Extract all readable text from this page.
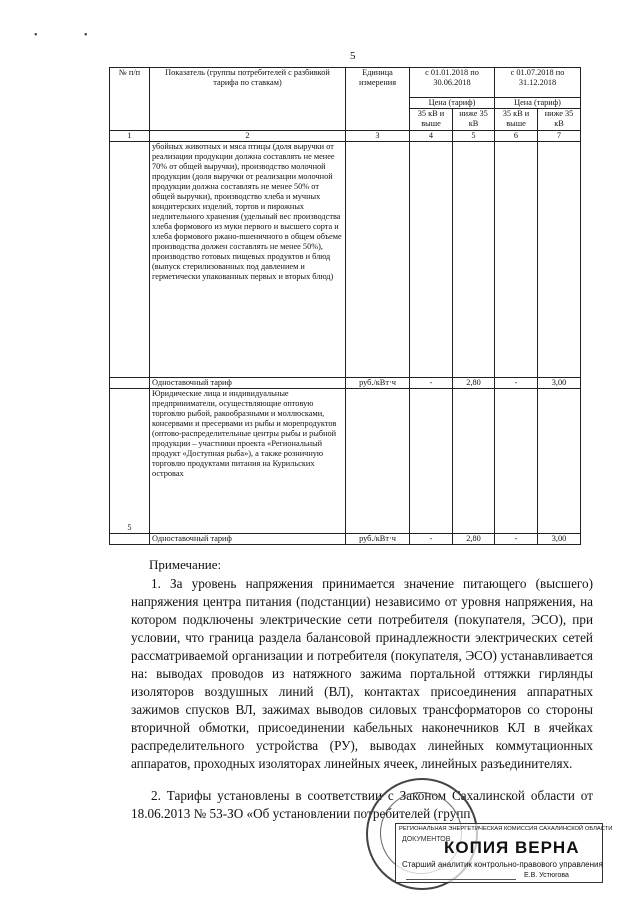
• •
5
№ п/п	Показатель (группы потребителей с разбивкой тарифа по ставкам)	Единица измерения	с 01.01.2018 по 30.06.2018		с 01.07.2018 по 31.12.2018	
			Цена (тариф)		Цена (тариф)	
			35 кВ и выше	ниже 35 кВ	35 кВ и выше	ниже 35 кВ
1	2	3	4	5	6	7
	убойных животных и мяса птицы (доля выручки от реализации продукции должна составлять не менее 70% от общей выручки), производство молочной продукции (доля выручки от реализации молочной продукции должна составлять не менее 50% от общей выручки), производство хлеба и мучных кондитерских изделий, тортов и пирожных недлительного хранения (удельный вес производства хлеба формового из муки первого и высшего сорта и хлеба формового ржано-пшеничного в общем объеме производства должен составлять не менее 50%), производство готовых пищевых продуктов и блюд (выпуск стерилизованных под давлением и герметически упакованных первых и вторых блюд)					
	Одноставочный тариф	руб./кВт·ч	-	2,80	-	3,00
5	Юридические лица и индивидуальные предприниматели, осуществляющие оптовую торговлю рыбой, ракообразными и моллюсками, консервами и пресервами из рыбы и морепродуктов (оптово-распределительные центры рыбы и рыбной продукции – участники проекта «Региональный продукт «Доступная рыба»), а также розничную торговлю продуктами питания на Курильских островах					
	Одноставочный тариф	руб./кВт·ч	-	2,80	-	3,00
Примечание:
1. За уровень напряжения принимается значение питающего (высшего) напряжения центра питания (подстанции) независимо от уровня напряжения, на котором подключены электрические сети потребителя (покупателя, ЭСО), при условии, что граница раздела балансовой принадлежности электрических сетей рассматриваемой организации и потребителя (покупателя, ЭСО) устанавливается на: выводах проводов из натяжного зажима портальной оттяжки гирлянды изоляторов воздушных линий (ВЛ), контактах присоединения аппаратных зажимов спусков ВЛ, зажимах выводов силовых трансформаторов со стороны вторичной обмотки, присоединении кабельных наконечников КЛ в ячейках распределительного устройства (РУ), выводах линейных коммутационных аппаратов, проходных изоляторах линейных ячеек, линейных разъединителях.
2. Тарифы установлены в соответствии с Законом Сахалинской области от 18.06.2013 № 53-ЗО «Об установлении потребителей (групп
РЕГИОНАЛЬНАЯ ЭНЕРГЕТИЧЕСКАЯ КОМИССИЯ САХАЛИНСКОЙ ОБЛАСТИ
КОПИЯ ВЕРНА
Старший аналитик контрольно-правового управления
Е.В. Устюгова
ДОКУМЕНТОВ
